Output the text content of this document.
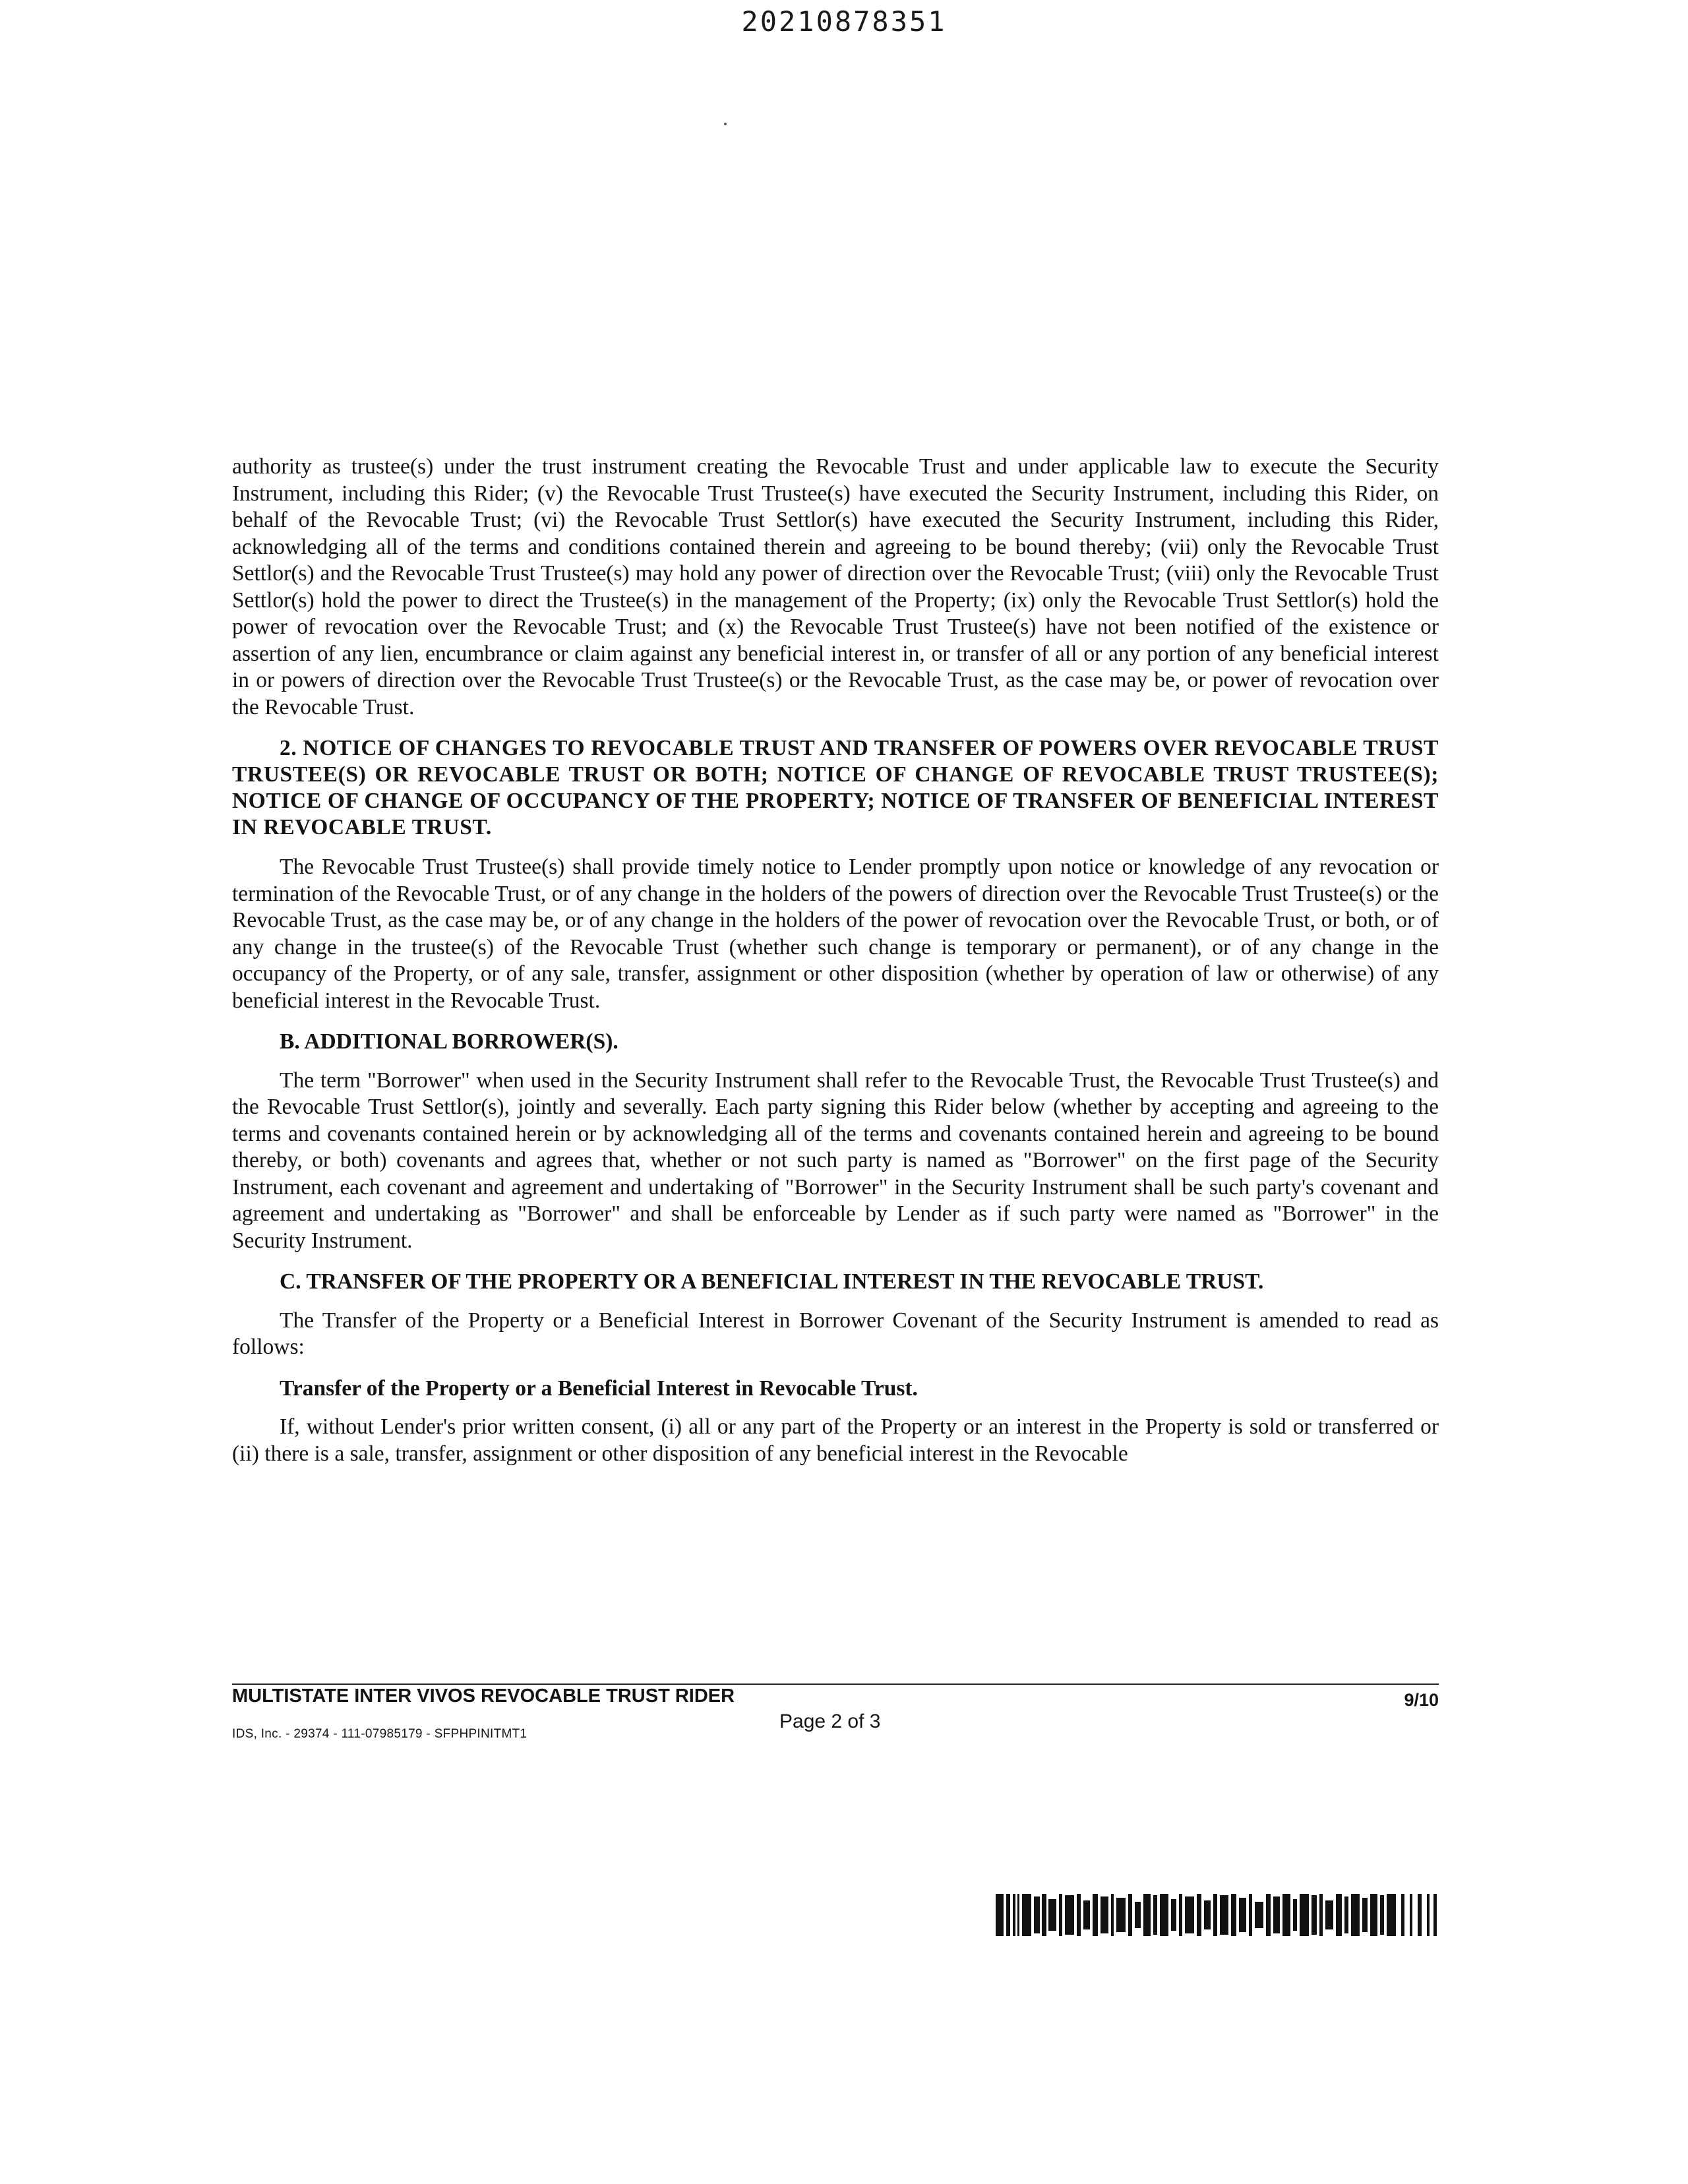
20210878351

authority as trustee(s) under the trust instrument creating the Revocable Trust and under applicable law to execute the Security Instrument, including this Rider; (v) the Revocable Trust Trustee(s) have executed the Security Instrument, including this Rider, on behalf of the Revocable Trust; (vi) the Revocable Trust Settlor(s) have executed the Security Instrument, including this Rider, acknowledging all of the terms and conditions contained therein and agreeing to be bound thereby; (vii) only the Revocable Trust Settlor(s) and the Revocable Trust Trustee(s) may hold any power of direction over the Revocable Trust; (viii) only the Revocable Trust Settlor(s) hold the power to direct the Trustee(s) in the management of the Property; (ix) only the Revocable Trust Settlor(s) hold the power of revocation over the Revocable Trust; and (x) the Revocable Trust Trustee(s) have not been notified of the existence or assertion of any lien, encumbrance or claim against any beneficial interest in, or transfer of all or any portion of any beneficial interest in or powers of direction over the Revocable Trust Trustee(s) or the Revocable Trust, as the case may be, or power of revocation over the Revocable Trust.

2. NOTICE OF CHANGES TO REVOCABLE TRUST AND TRANSFER OF POWERS OVER REVOCABLE TRUST TRUSTEE(S) OR REVOCABLE TRUST OR BOTH; NOTICE OF CHANGE OF REVOCABLE TRUST TRUSTEE(S); NOTICE OF CHANGE OF OCCUPANCY OF THE PROPERTY; NOTICE OF TRANSFER OF BENEFICIAL INTEREST IN REVOCABLE TRUST.

The Revocable Trust Trustee(s) shall provide timely notice to Lender promptly upon notice or knowledge of any revocation or termination of the Revocable Trust, or of any change in the holders of the powers of direction over the Revocable Trust Trustee(s) or the Revocable Trust, as the case may be, or of any change in the holders of the power of revocation over the Revocable Trust, or both, or of any change in the trustee(s) of the Revocable Trust (whether such change is temporary or permanent), or of any change in the occupancy of the Property, or of any sale, transfer, assignment or other disposition (whether by operation of law or otherwise) of any beneficial interest in the Revocable Trust.

B. ADDITIONAL BORROWER(S).

The term "Borrower" when used in the Security Instrument shall refer to the Revocable Trust, the Revocable Trust Trustee(s) and the Revocable Trust Settlor(s), jointly and severally. Each party signing this Rider below (whether by accepting and agreeing to the terms and covenants contained herein or by acknowledging all of the terms and covenants contained herein and agreeing to be bound thereby, or both) covenants and agrees that, whether or not such party is named as "Borrower" on the first page of the Security Instrument, each covenant and agreement and undertaking of "Borrower" in the Security Instrument shall be such party's covenant and agreement and undertaking as "Borrower" and shall be enforceable by Lender as if such party were named as "Borrower" in the Security Instrument.

C. TRANSFER OF THE PROPERTY OR A BENEFICIAL INTEREST IN THE REVOCABLE TRUST.

The Transfer of the Property or a Beneficial Interest in Borrower Covenant of the Security Instrument is amended to read as follows:

Transfer of the Property or a Beneficial Interest in Revocable Trust.

If, without Lender's prior written consent, (i) all or any part of the Property or an interest in the Property is sold or transferred or (ii) there is a sale, transfer, assignment or other disposition of any beneficial interest in the Revocable

MULTISTATE INTER VIVOS REVOCABLE TRUST RIDER	9/10
Page 2 of 3
IDS, Inc. - 29374 - 111-07985179 - SFPHPINITMT1
